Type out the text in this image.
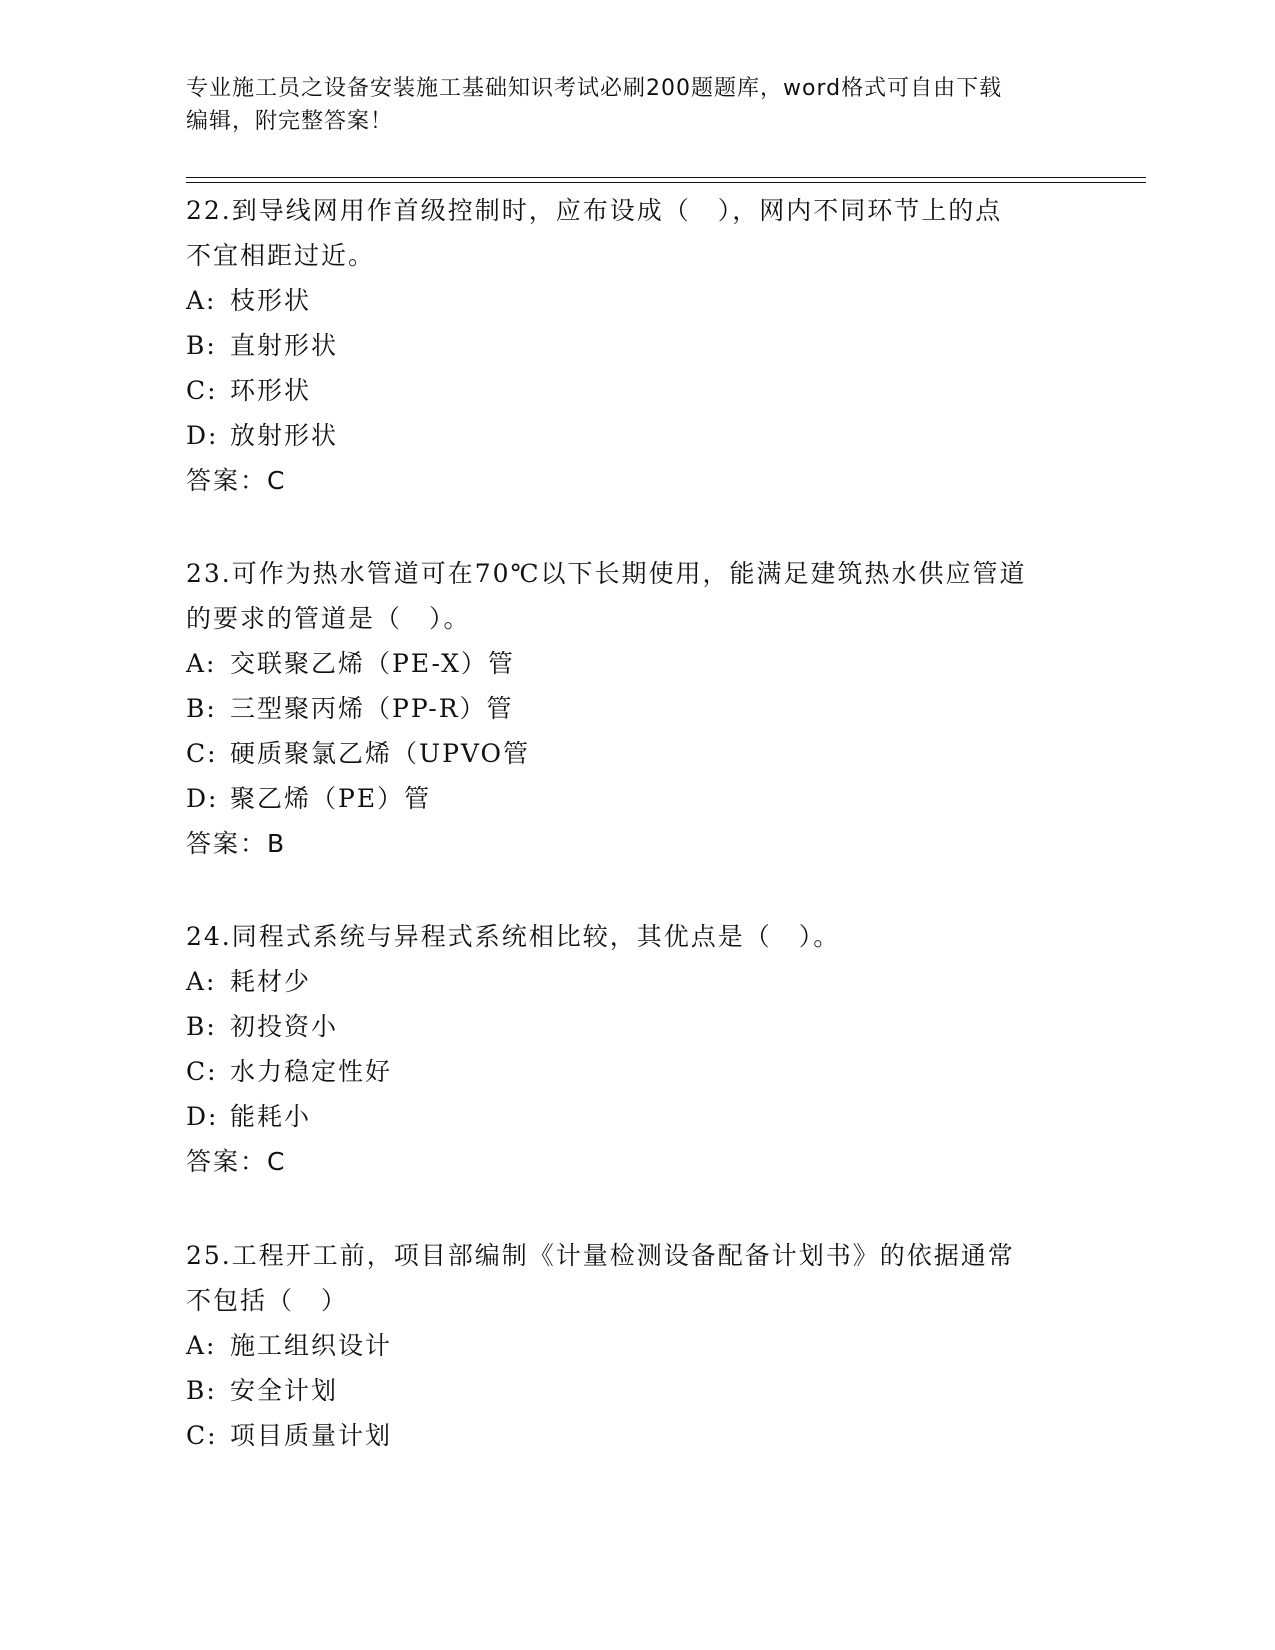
专业施工员之设备安装施工基础知识考试必刷200题题库，word格式可自由下载
编辑，附完整答案！
22.到导线网用作首级控制时，应布设成（　），网内不同环节上的点
不宜相距过近。
A: 枝形状
B: 直射形状
C: 环形状
D: 放射形状
答案：C
23.可作为热水管道可在70℃以下长期使用，能满足建筑热水供应管道
的要求的管道是（　）。
A: 交联聚乙烯（PE-X）管
B: 三型聚丙烯（PP-R）管
C: 硬质聚氯乙烯（UPVO管
D: 聚乙烯（PE）管
答案：B
24.同程式系统与异程式系统相比较，其优点是（　）。
A: 耗材少
B: 初投资小
C: 水力稳定性好
D: 能耗小
答案：C
25.工程开工前，项目部编制《计量检测设备配备计划书》的依据通常
不包括（　）
A: 施工组织设计
B: 安全计划
C: 项目质量计划
